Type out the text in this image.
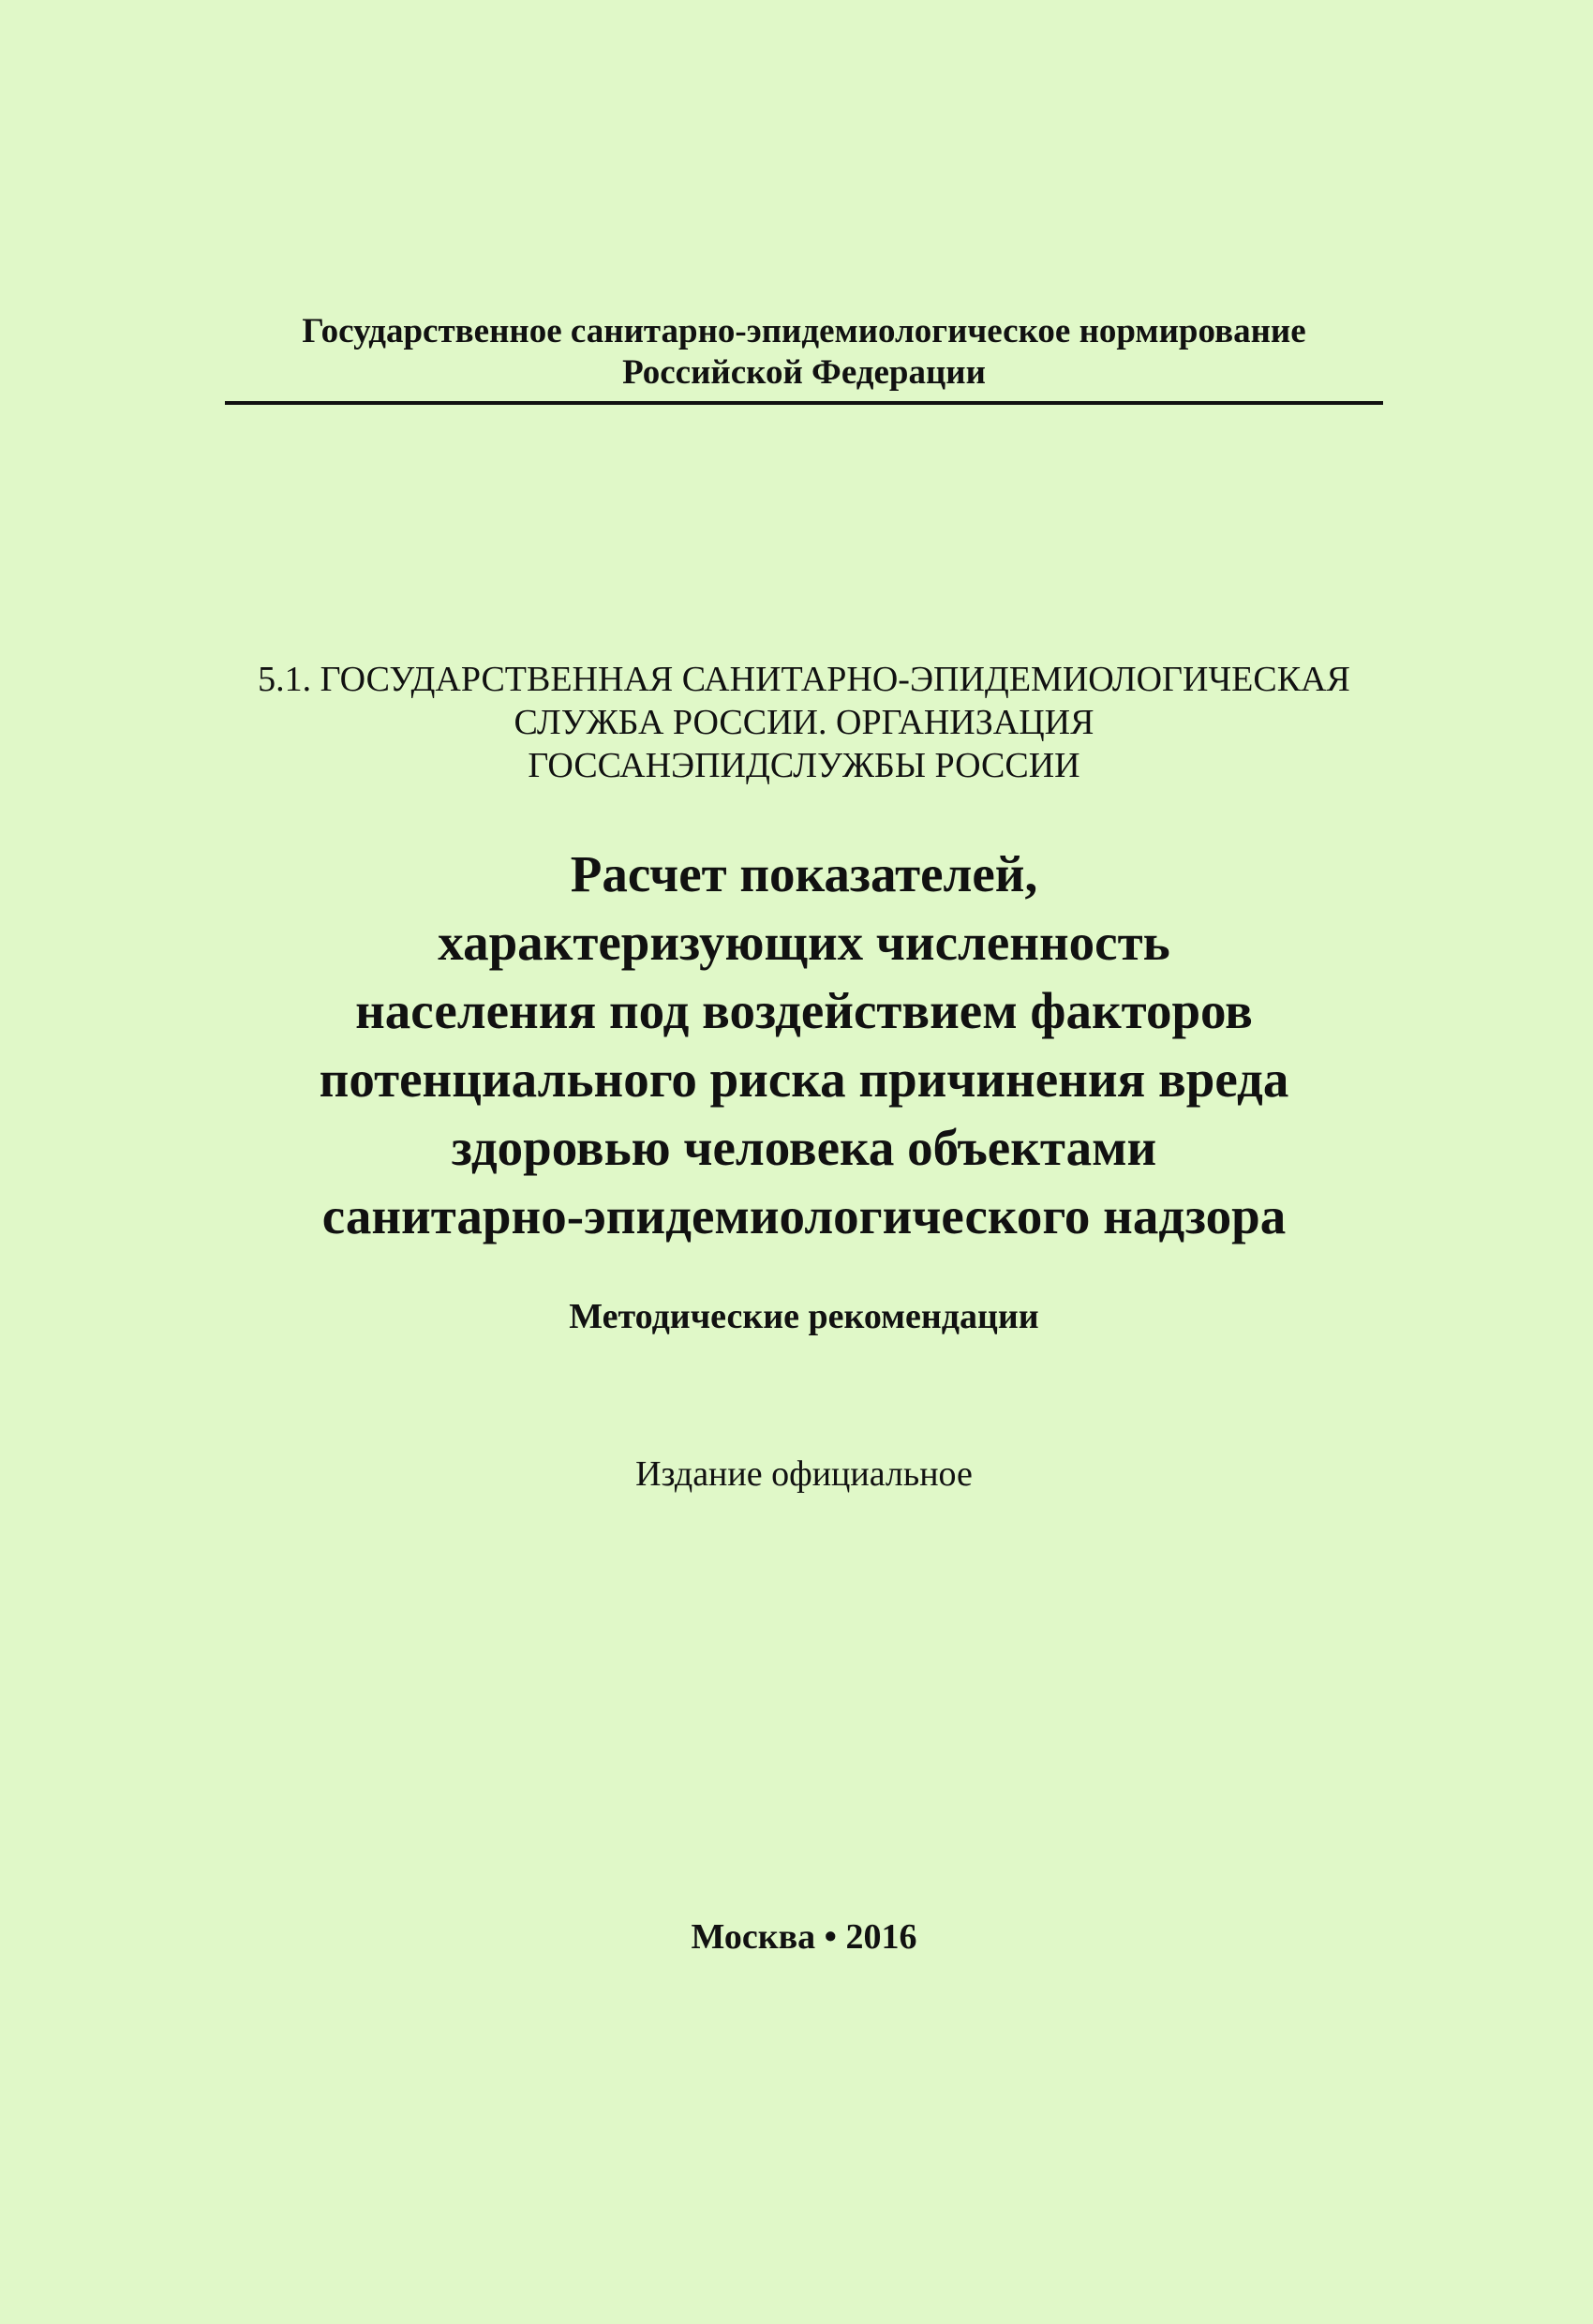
Государственное санитарно-эпидемиологическое нормирование
Российской Федерации
5.1. ГОСУДАРСТВЕННАЯ САНИТАРНО-ЭПИДЕМИОЛОГИЧЕСКАЯ
СЛУЖБА РОССИИ. ОРГАНИЗАЦИЯ
ГОССАНЭПИДСЛУЖБЫ РОССИИ
Расчет показателей,
характеризующих численность
населения под воздействием факторов
потенциального риска причинения вреда
здоровью человека объектами
санитарно-эпидемиологического надзора
Методические рекомендации
Издание официальное
Москва • 2016
